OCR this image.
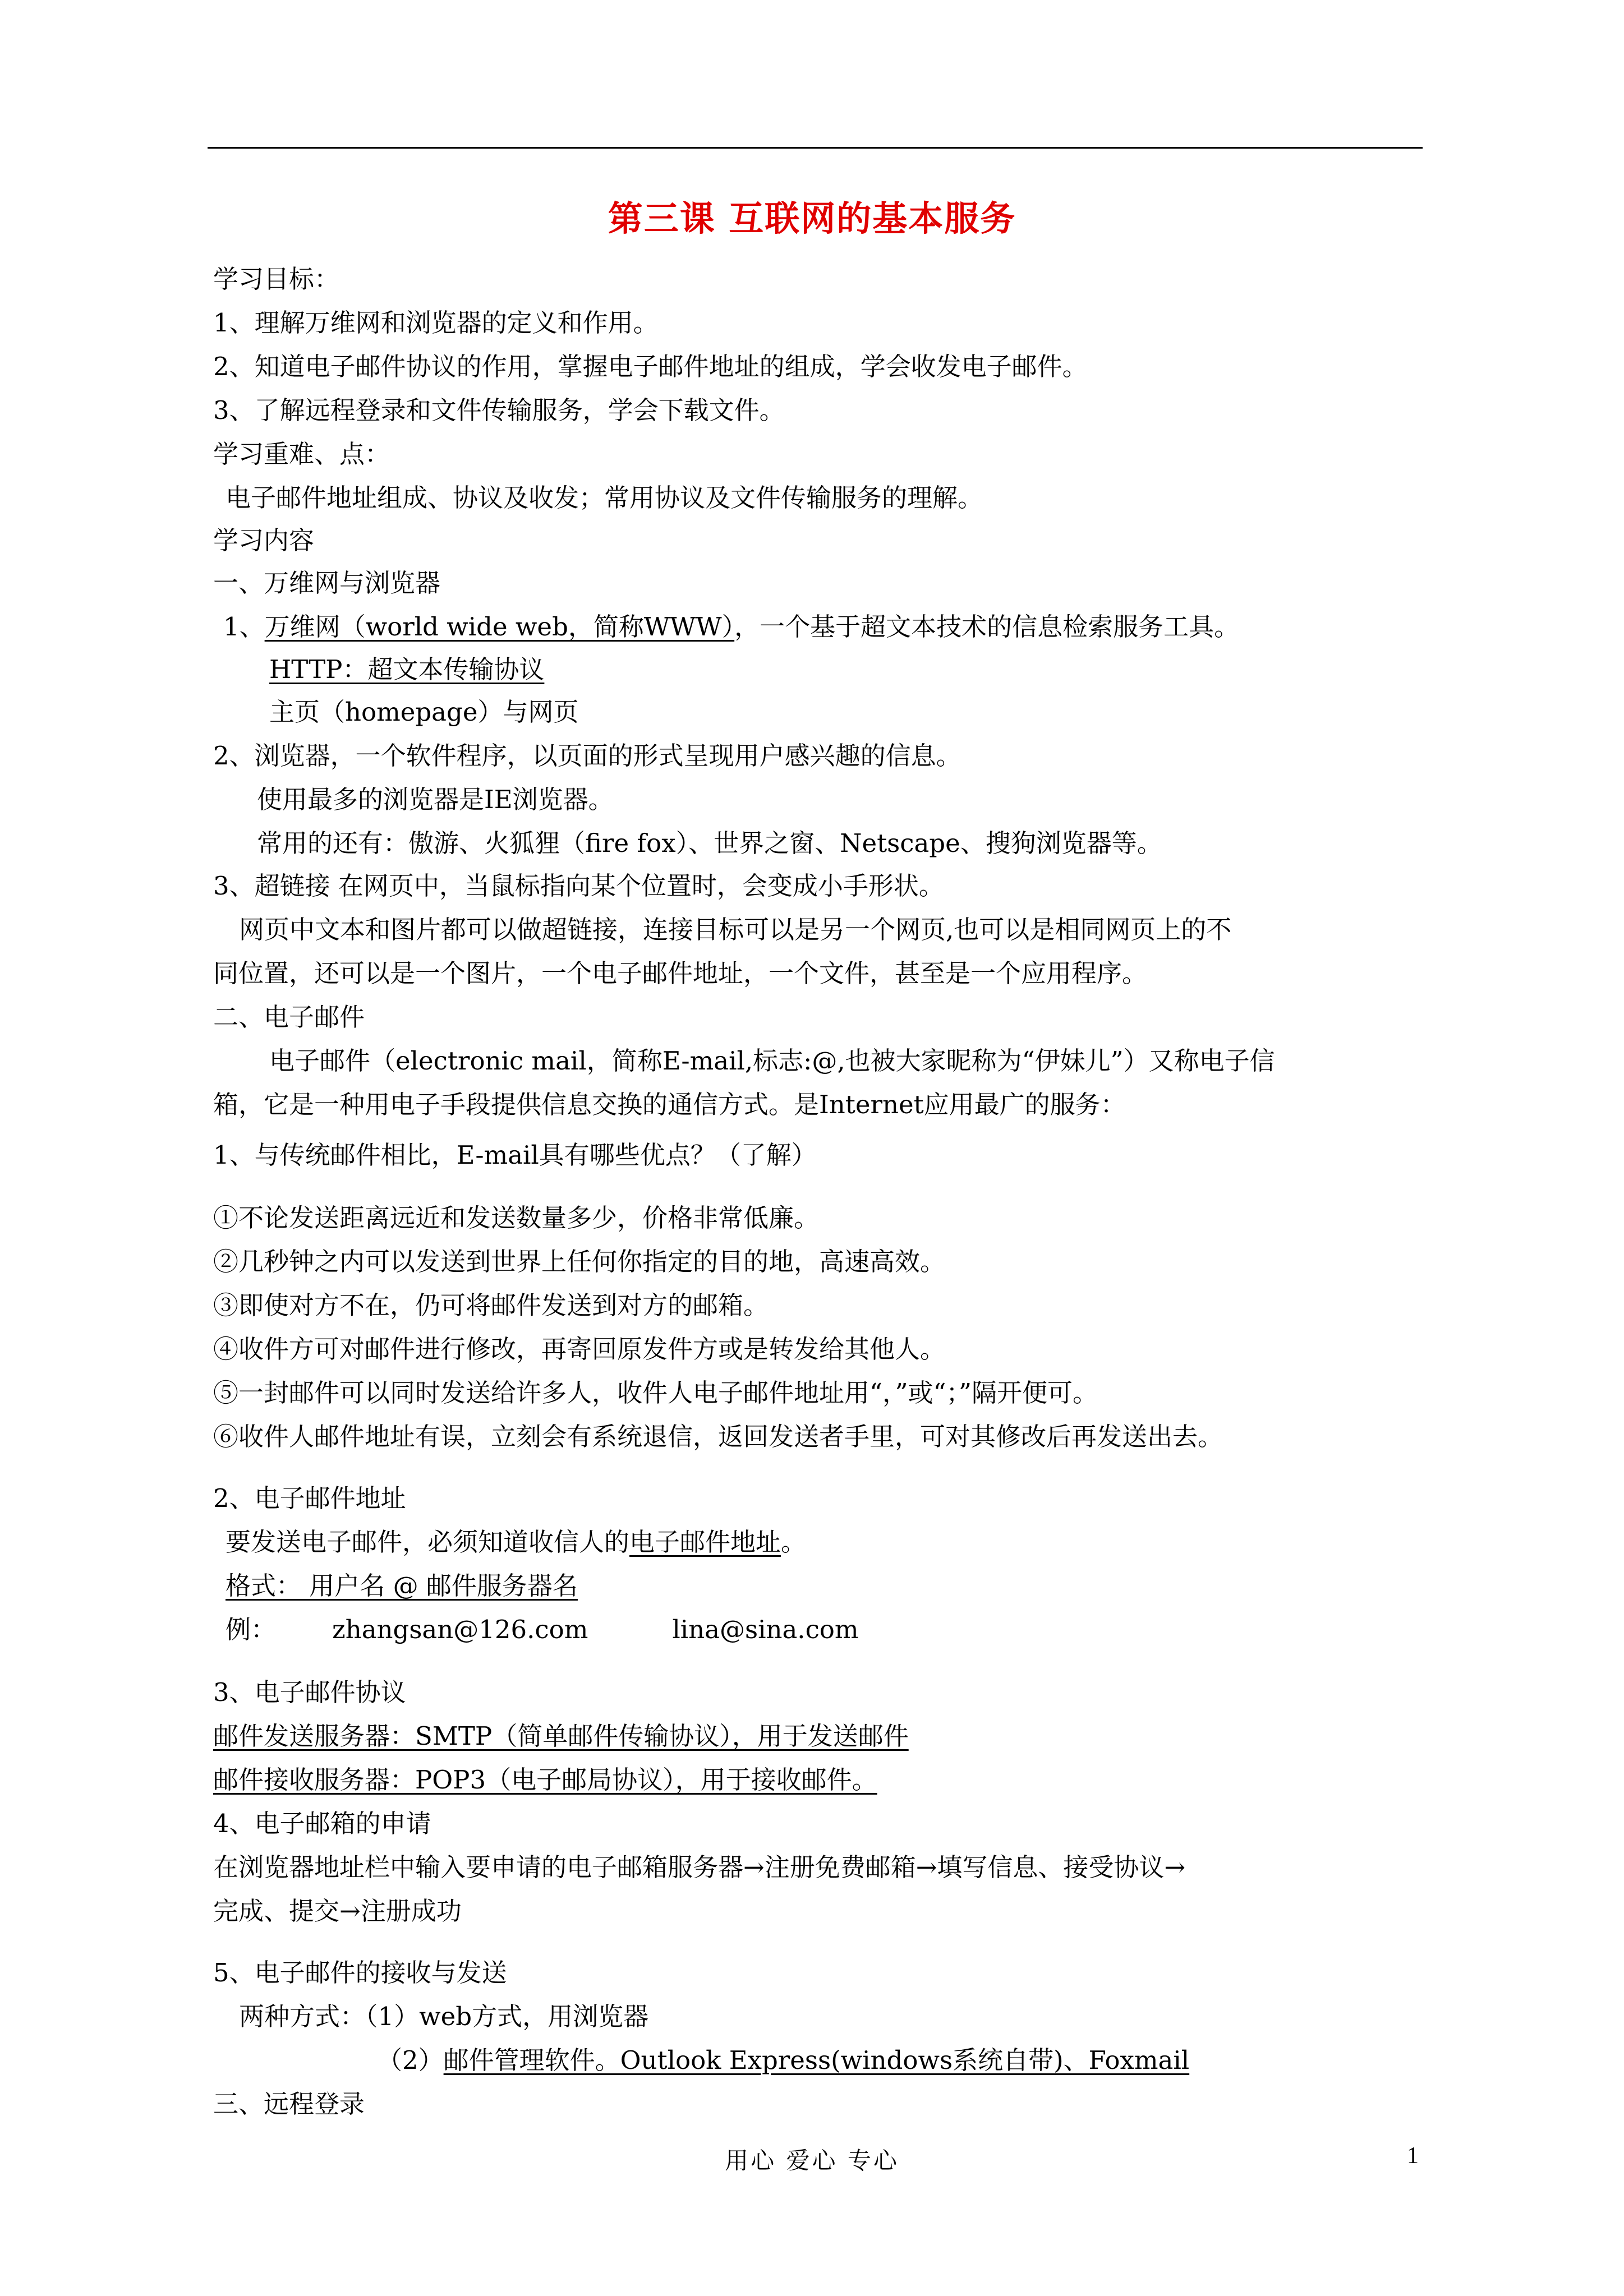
第三课 互联网的基本服务
学习目标：
1、理解万维网和浏览器的定义和作用。
2、知道电子邮件协议的作用，掌握电子邮件地址的组成，学会收发电子邮件。
3、了解远程登录和文件传输服务，学会下载文件。
学习重难、点：
电子邮件地址组成、协议及收发；常用协议及文件传输服务的理解。
学习内容
一、万维网与浏览器
1、万维网（world wide web，简称WWW），一个基于超文本技术的信息检索服务工具。
HTTP：超文本传输协议
主页（homepage）与网页
2、浏览器，一个软件程序，以页面的形式呈现用户感兴趣的信息。
使用最多的浏览器是IE浏览器。
常用的还有：傲游、火狐狸（fire fox）、世界之窗、Netscape、搜狗浏览器等。
3、超链接 在网页中，当鼠标指向某个位置时，会变成小手形状。
网页中文本和图片都可以做超链接，连接目标可以是另一个网页,也可以是相同网页上的不
同位置，还可以是一个图片，一个电子邮件地址，一个文件，甚至是一个应用程序。
二、电子邮件
电子邮件（electronic mail，简称E-mail,标志:@,也被大家昵称为“伊妹儿”）又称电子信
箱，它是一种用电子手段提供信息交换的通信方式。是Internet应用最广的服务：
1、与传统邮件相比，E-mail具有哪些优点？（了解）
①不论发送距离远近和发送数量多少，价格非常低廉。
②几秒钟之内可以发送到世界上任何你指定的目的地，高速高效。
③即使对方不在，仍可将邮件发送到对方的邮箱。
④收件方可对邮件进行修改，再寄回原发件方或是转发给其他人。
⑤一封邮件可以同时发送给许多人，收件人电子邮件地址用“，”或“；”隔开便可。
⑥收件人邮件地址有误，立刻会有系统退信，返回发送者手里，可对其修改后再发送出去。
2、电子邮件地址
要发送电子邮件，必须知道收信人的电子邮件地址。
格式： 用户名 @ 邮件服务器名
例： zhangsan@126.com	lina@sina.com
3、电子邮件协议
邮件发送服务器：SMTP（简单邮件传输协议），用于发送邮件
邮件接收服务器：POP3（电子邮局协议），用于接收邮件。
4、电子邮箱的申请
在浏览器地址栏中输入要申请的电子邮箱服务器→注册免费邮箱→填写信息、接受协议→
完成、提交→注册成功
5、电子邮件的接收与发送
两种方式：（1）web方式，用浏览器
（2）邮件管理软件。Outlook Express(windows系统自带)、Foxmail
三、远程登录
用心 爱心 专心	1
